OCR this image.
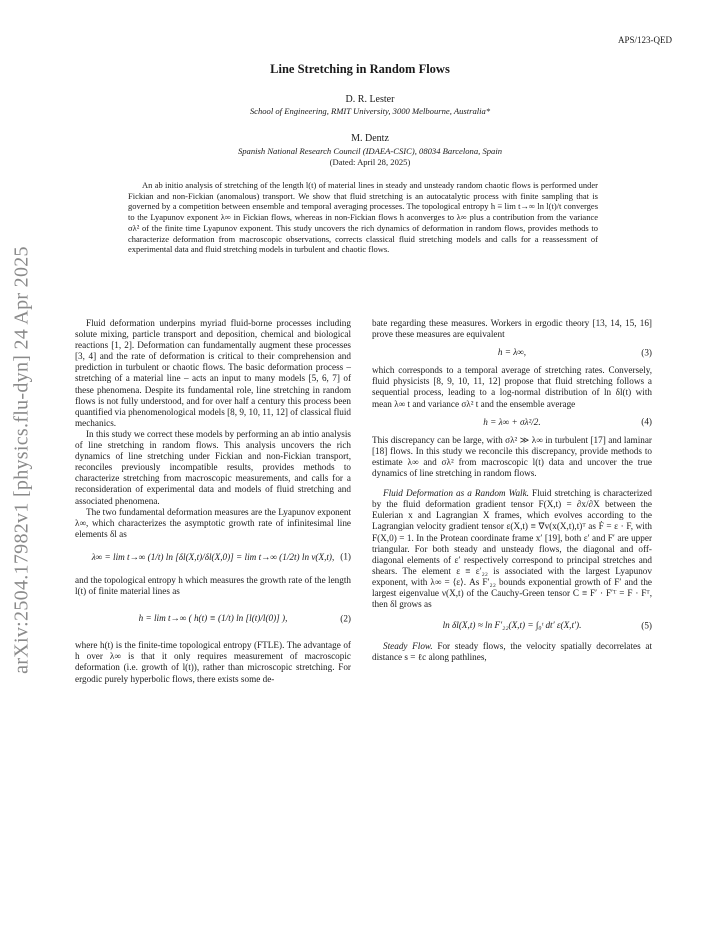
arXiv:2504.17982v1 [physics.flu-dyn] 24 Apr 2025
APS/123-QED
Line Stretching in Random Flows
D. R. Lester
School of Engineering, RMIT University, 3000 Melbourne, Australia*
M. Dentz
Spanish National Research Council (IDAEA-CSIC), 08034 Barcelona, Spain
(Dated: April 28, 2025)
An ab initio analysis of stretching of the length l(t) of material lines in steady and unsteady random chaotic flows is performed under Fickian and non-Fickian (anomalous) transport. We show that fluid stretching is an autocatalytic process with finite sampling that is governed by a competition between ensemble and temporal averaging processes. The topological entropy h ≡ lim t→∞ ln l(t)/t converges to the Lyapunov exponent λ∞ in Fickian flows, whereas in non-Fickian flows h aconverges to λ∞ plus a contribution from the variance σλ² of the finite time Lyapunov exponent. This study uncovers the rich dynamics of deformation in random flows, provides methods to characterize deformation from macroscopic observations, corrects classical fluid stretching models and calls for a reassessment of experimental data and fluid stretching models in turbulent and chaotic flows.

Fluid deformation underpins myriad fluid-borne processes including solute mixing, particle transport and deposition, chemical and biological reactions [1, 2]. Deformation can fundamentally augment these processes [3, 4] and the rate of deformation is critical to their comprehension and prediction in turbulent or chaotic flows. The basic deformation process – stretching of a material line – acts an input to many models [5, 6, 7] of these phenomena. Despite its fundamental role, line stretching in random flows is not fully understood, and for over half a century this process been quantified via phenomenological models [8, 9, 10, 11, 12] of classical fluid mechanics.

In this study we correct these models by performing an ab intio analysis of line stretching in random flows. This analysis uncovers the rich dynamics of line stretching under Fickian and non-Fickian transport, reconciles previously incompatible results, provides methods to characterize stretching from macroscopic measurements, and calls for a reconsideration of experimental data and models of fluid stretching and associated phenomena.

The two fundamental deformation measures are the Lyapunov exponent λ∞, which characterizes the asymptotic growth rate of infinitesimal line elements δl as

λ∞ = lim t→∞ (1/t) ln [δl(X,t)/δl(X,0)] = lim t→∞ (1/2t) ln ν(X,t), (1)

and the topological entropy h which measures the growth rate of the length l(t) of finite material lines as

h = lim t→∞ ( h(t) ≡ (1/t) ln [l(t)/l(0)] ),	(2)

where h(t) is the finite-time topological entropy (FTLE). The advantage of h over λ∞ is that it only requires measurement of macroscopic deformation (i.e. growth of l(t)), rather than microscopic stretching. For ergodic purely hyperbolic flows, there exists some de-

bate regarding these measures. Workers in ergodic theory [13, 14, 15, 16] prove these measures are equivalent

h = λ∞,	(3)

which corresponds to a temporal average of stretching rates. Conversely, fluid physicists [8, 9, 10, 11, 12] propose that fluid stretching follows a sequential process, leading to a log-normal distribution of ln δl(t) with mean λ∞ t and variance σλ² t and the ensemble average

h = λ∞ + σλ²/2.	(4)

This discrepancy can be large, with σλ² ≫ λ∞ in turbulent [17] and laminar [18] flows. In this study we reconcile this discrepancy, provide methods to estimate λ∞ and σλ² from macroscopic l(t) data and uncover the true dynamics of line stretching in random flows.

Fluid Deformation as a Random Walk. Fluid stretching is characterized by the fluid deformation gradient tensor F(X,t) = ∂x/∂X between the Eulerian x and Lagrangian X frames, which evolves according to the Lagrangian velocity gradient tensor ε(X,t) ≡ ∇v(x(X,t),t)ᵀ as Ḟ = ε · F, with F(X,0) = 1. In the Protean coordinate frame x′ [19], both ε′ and F′ are upper triangular. For both steady and unsteady flows, the diagonal and off-diagonal elements of ε′ respectively correspond to principal stretches and shears. The element ε ≡ ε′₂₂ is associated with the largest Lyapunov exponent, with λ∞ = ⟨ε⟩. As F′₂₂ bounds exponential growth of F′ and the largest eigenvalue ν(X,t) of the Cauchy-Green tensor C ≡ F′ · F′ᵀ = F · Fᵀ, then δl grows as

ln δl(X,t) ≈ ln F′₂₂(X,t) = ∫₀ᵗ dt′ ε(X,t′).	(5)

Steady Flow. For steady flows, the velocity spatially decorrelates at distance s = ℓc along pathlines,
